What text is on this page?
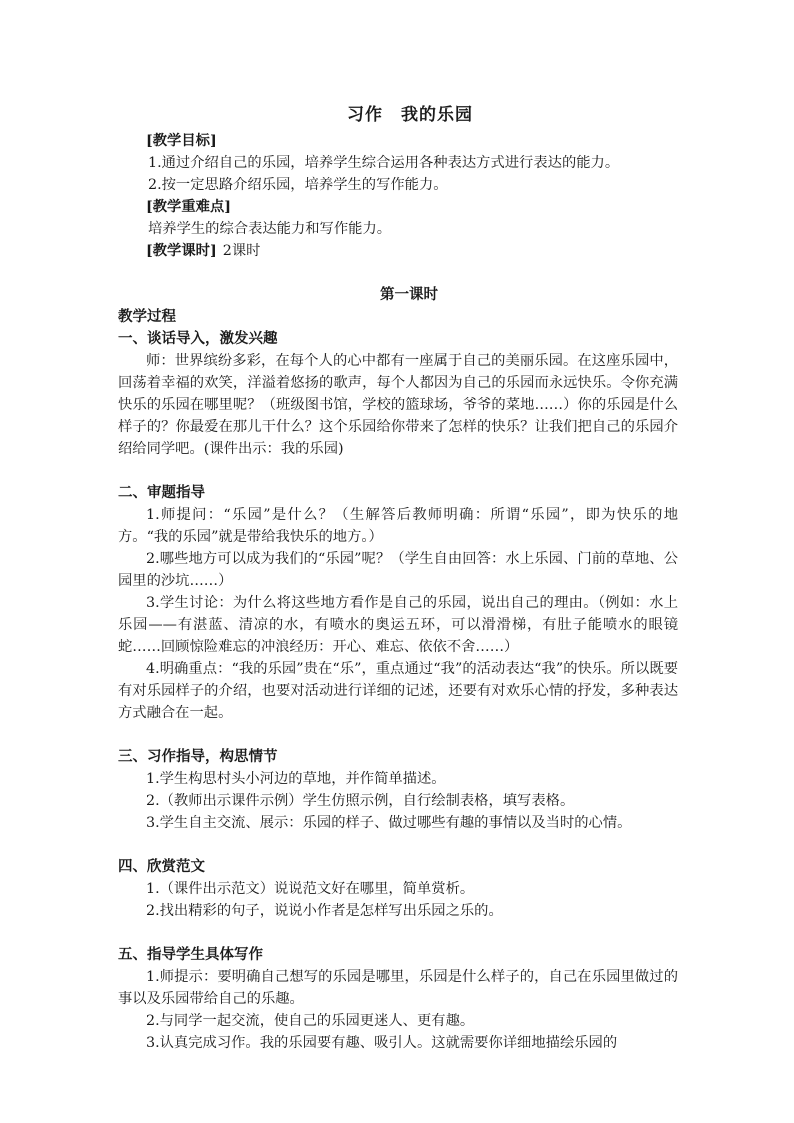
习作 我的乐园

[教学目标]

1.通过介绍自己的乐园，培养学生综合运用各种表达方式进行表达的能力。

2.按一定思路介绍乐园，培养学生的写作能力。

[教学重难点]

培养学生的综合表达能力和写作能力。

[教学课时] 2课时

第一课时

教学过程

一、谈话导入，激发兴趣

师：世界缤纷多彩，在每个人的心中都有一座属于自己的美丽乐园。在这座乐园中，回荡着幸福的欢笑，洋溢着悠扬的歌声，每个人都因为自己的乐园而永远快乐。令你充满快乐的乐园在哪里呢？（班级图书馆，学校的篮球场，爷爷的菜地……）你的乐园是什么样子的？你最爱在那儿干什么？这个乐园给你带来了怎样的快乐？让我们把自己的乐园介绍给同学吧。(课件出示：我的乐园)

二、审题指导

1.师提问：“乐园”是什么？（生解答后教师明确：所谓“乐园”，即为快乐的地方。“我的乐园”就是带给我快乐的地方。）

2.哪些地方可以成为我们的“乐园”呢？（学生自由回答：水上乐园、门前的草地、公园里的沙坑……）

3.学生讨论：为什么将这些地方看作是自己的乐园，说出自己的理由。（例如：水上乐园——有湛蓝、清凉的水，有喷水的奥运五环，可以滑滑梯，有肚子能喷水的眼镜蛇……回顾惊险难忘的冲浪经历：开心、难忘、依依不舍……）

4.明确重点：“我的乐园”贵在“乐”，重点通过“我”的活动表达“我”的快乐。所以既要有对乐园样子的介绍，也要对活动进行详细的记述，还要有对欢乐心情的抒发，多种表达方式融合在一起。

三、习作指导，构思情节

1.学生构思村头小河边的草地，并作简单描述。

2.（教师出示课件示例）学生仿照示例，自行绘制表格，填写表格。

3.学生自主交流、展示：乐园的样子、做过哪些有趣的事情以及当时的心情。

四、欣赏范文

1.（课件出示范文）说说范文好在哪里，简单赏析。

2.找出精彩的句子，说说小作者是怎样写出乐园之乐的。

五、指导学生具体写作

1.师提示：要明确自己想写的乐园是哪里，乐园是什么样子的，自己在乐园里做过的事以及乐园带给自己的乐趣。

2.与同学一起交流，使自己的乐园更迷人、更有趣。

3.认真完成习作。我的乐园要有趣、吸引人。这就需要你详细地描绘乐园的
